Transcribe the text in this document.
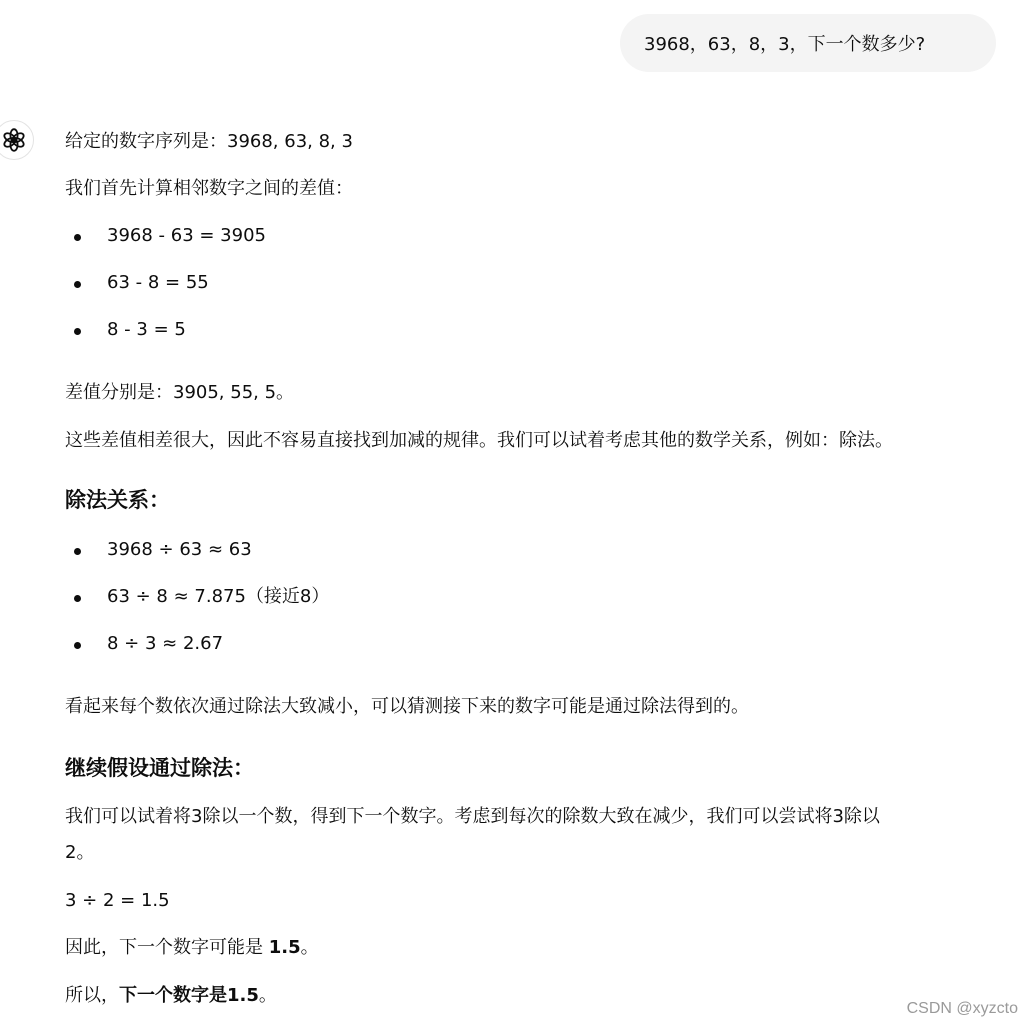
3968，63，8，3，下一个数多少?
给定的数字序列是：3968, 63, 8, 3
我们首先计算相邻数字之间的差值：
3968 - 63 = 3905
63 - 8 = 55
8 - 3 = 5
差值分别是：3905, 55, 5。
这些差值相差很大，因此不容易直接找到加减的规律。我们可以试着考虑其他的数学关系，例如：除法。
除法关系：
3968 ÷ 63 ≈ 63
63 ÷ 8 ≈ 7.875（接近8）
8 ÷ 3 ≈ 2.67
看起来每个数依次通过除法大致减小，可以猜测接下来的数字可能是通过除法得到的。
继续假设通过除法：
我们可以试着将3除以一个数，得到下一个数字。考虑到每次的除数大致在减少，我们可以尝试将3除以
2。
3 ÷ 2 = 1.5
因此，下一个数字可能是 1.5。
所以，下一个数字是1.5。
CSDN @xyzcto
